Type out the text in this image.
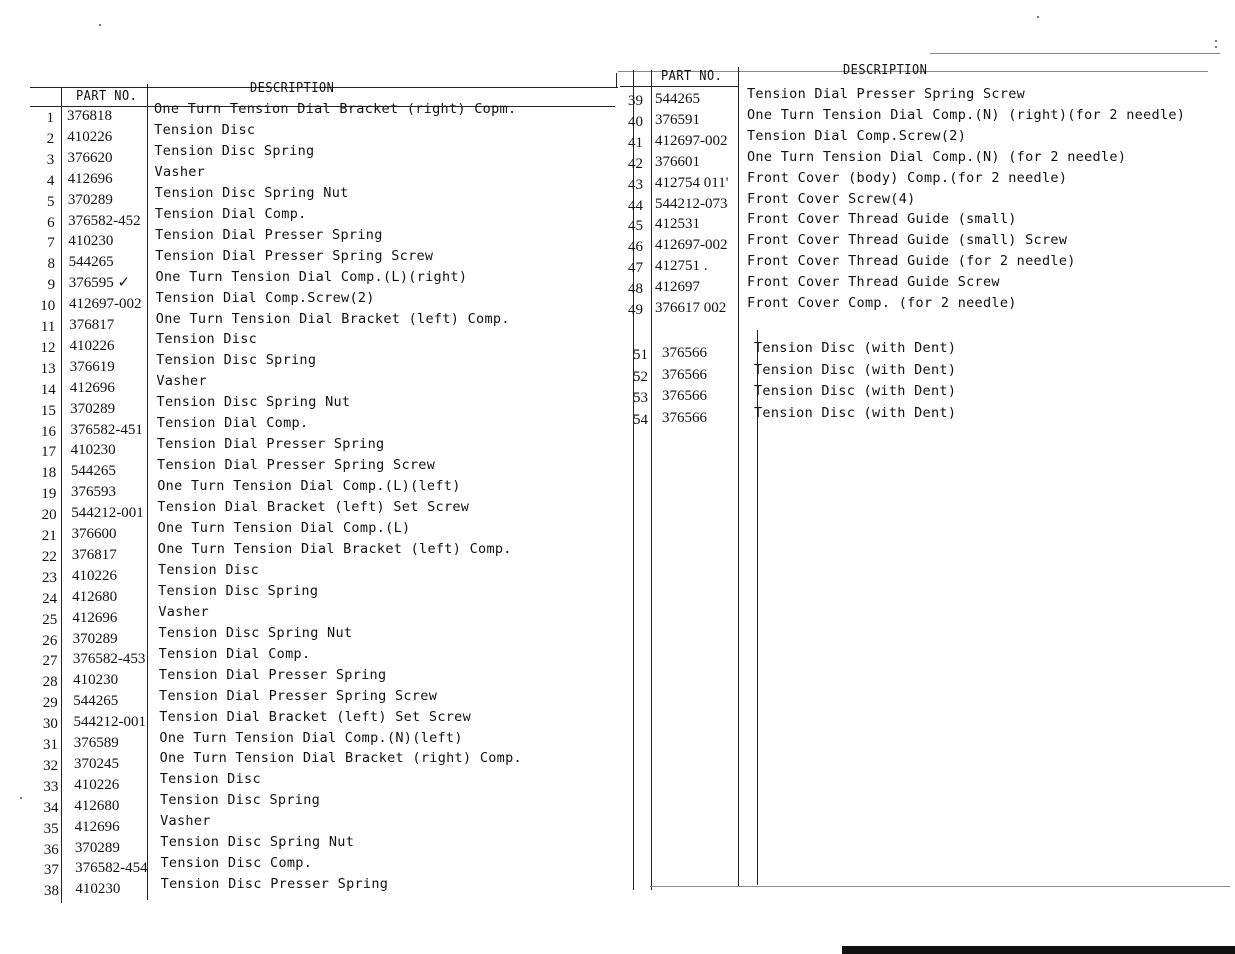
PART NO.
DESCRIPTION
1 376818	One Turn Tension Dial Bracket (right) Copm.
2 410226	Tension Disc
3 376620	Tension Disc Spring
4 412696	Vasher
5 370289	Tension Disc Spring Nut
6 376582-452 Tension Dial Comp.
7 410230	Tension Dial Presser Spring
8 544265	Tension Dial Presser Spring Screw
9 376595 ✓ One Turn Tension Dial Comp.(L)(right)
10 412697-002 Tension Dial Comp.Screw(2)
11 376817	One Turn Tension Dial Bracket (left) Comp.
12 410226	Tension Disc
13 376619	Tension Disc Spring
14 412696	Vasher
15 370289	Tension Disc Spring Nut
16 376582-451 Tension Dial Comp.
17 410230	Tension Dial Presser Spring
18 544265	Tension Dial Presser Spring Screw
19 376593	One Turn Tension Dial Comp.(L)(left)
20 544212-001 Tension Dial Bracket (left) Set Screw
21 376600	One Turn Tension Dial Comp.(L)
22 376817	One Turn Tension Dial Bracket (left) Comp.
23 410226	Tension Disc
24 412680	Tension Disc Spring
25 412696	Vasher
26 370289	Tension Disc Spring Nut
27 376582-453 Tension Dial Comp.
28 410230	Tension Dial Presser Spring
29 544265	Tension Dial Presser Spring Screw
30 544212-001 Tension Dial Bracket (left) Set Screw
31 376589	One Turn Tension Dial Comp.(N)(left)
32 370245	One Turn Tension Dial Bracket (right) Comp.
33 410226	Tension Disc
34 412680	Tension Disc Spring
35 412696	Vasher
36 370289	Tension Disc Spring Nut
37 376582-454 Tension Disc Comp.
38 410230	Tension Disc Presser Spring
PART NO.	DESCRIPTION
39 544265	Tension Dial Presser Spring Screw
40 376591	One Turn Tension Dial Comp.(N) (right)(for 2 needle)
41 412697-002 Tension Dial Comp.Screw(2)
42 376601	One Turn Tension Dial Comp.(N) (for 2 needle)
43 412754 011' Front Cover (body) Comp.(for 2 needle)
44 544212-073 Front Cover Screw(4)
45 412531	Front Cover Thread Guide (small)
46 412697-002 Front Cover Thread Guide (small) Screw
47 412751 .	Front Cover Thread Guide (for 2 needle)
48 412697	Front Cover Thread Guide Screw
49 376617 002 Front Cover Comp. (for 2 needle)
51 376566	Tension Disc (with Dent)
52 376566	Tension Disc (with Dent)
53 376566	Tension Disc (with Dent)
54 376566	Tension Disc (with Dent)
